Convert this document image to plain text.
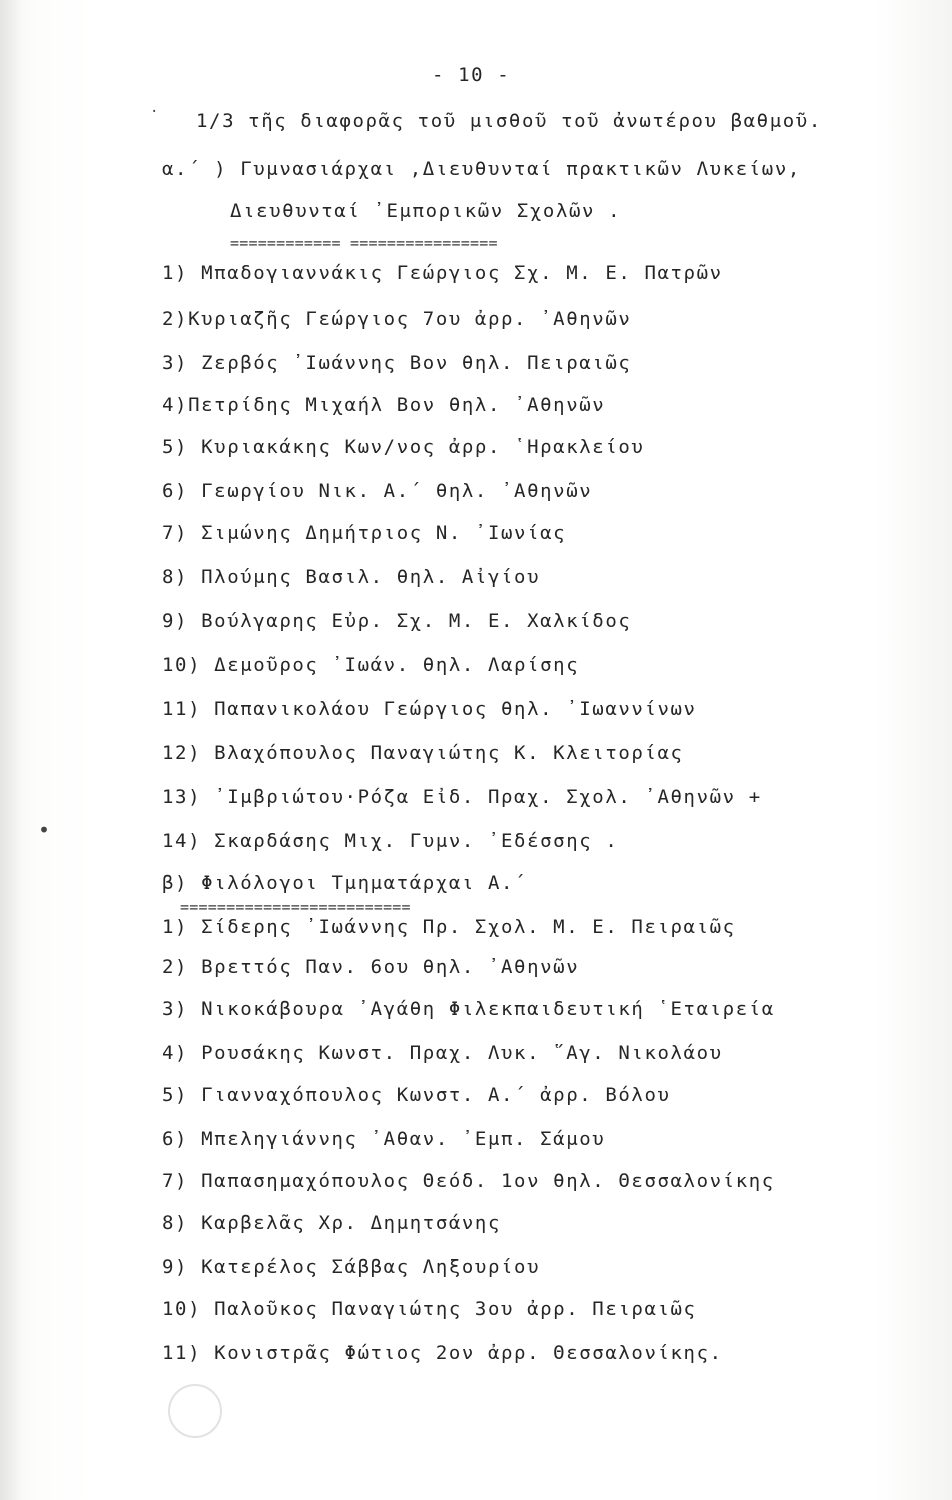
- 10 -
1/3 τῆς διαφορᾶς τοῦ μισθοῦ τοῦ ἀνωτέρου βαθμοῦ.
α.´ ) Γυμνασιάρχαι ,Διευθυνταί πρακτικῶν Λυκείων,
Διευθυνταί ᾿Εμπορικῶν Σχολῶν .
============ ================
1) Μπαδογιαννάκις Γεώργιος Σχ. Μ. Ε. Πατρῶν
2)Κυριαζῆς Γεώργιος 7ου ἀρρ. ᾿Αθηνῶν
3) Ζερβός ᾿Ιωάννης Βον θηλ. Πειραιῶς
4)Πετρίδης Μιχαήλ Βον θηλ. ᾿Αθηνῶν
5) Κυριακάκης Κων/νος ἀρρ. ῾Ηρακλείου
6) Γεωργίου Νικ. Α.´ θηλ. ᾿Αθηνῶν
7) Σιμώνης Δημήτριος Ν. ᾿Ιωνίας
8) Πλούμης Βασιλ. θηλ. Αἰγίου
9) Βούλγαρης Εὐρ. Σχ. Μ. Ε. Χαλκίδος
10) Δεμοῦρος ᾿Ιωάν. θηλ. Λαρίσης
11) Παπανικολάου Γεώργιος θηλ. ᾿Ιωαννίνων
12) Βλαχόπουλος Παναγιώτης Κ. Κλειτορίας
13) ᾿Ιμβριώτου·Ρόζα Εἰδ. Πραχ. Σχολ. ᾿Αθηνῶν +
14) Σκαρδάσης Μιχ. Γυμν. ᾿Εδέσσης .
β) Φιλόλογοι Τμηματάρχαι Α.´
=========================
1) Σίδερης ᾿Ιωάννης Πρ. Σχολ. Μ. Ε. Πειραιῶς
2) Βρεττός Παν. 6ου θηλ. ᾿Αθηνῶν
3) Νικοκάβουρα ᾿Αγάθη Φιλεκπαιδευτική ῾Εταιρεία
4) Ρουσάκης Κωνστ. Πραχ. Λυκ. ῞Αγ. Νικολάου
5) Γιανναχόπουλος Κωνστ. Α.´ ἀρρ. Βόλου
6) Μπεληγιάννης ᾿Αθαν. ᾿Εμπ. Σάμου
7) Παπασημαχόπουλος Θεόδ. 1ον θηλ. Θεσσαλονίκης
8) Καρβελᾶς Χρ. Δημητσάνης
9) Κατερέλος Σάββας Ληξουρίου
10) Παλοῦκος Παναγιώτης 3ου ἀρρ. Πειραιῶς
11) Κονιστρᾶς Φώτιος 2ον ἀρρ. Θεσσαλονίκης.
•
·
